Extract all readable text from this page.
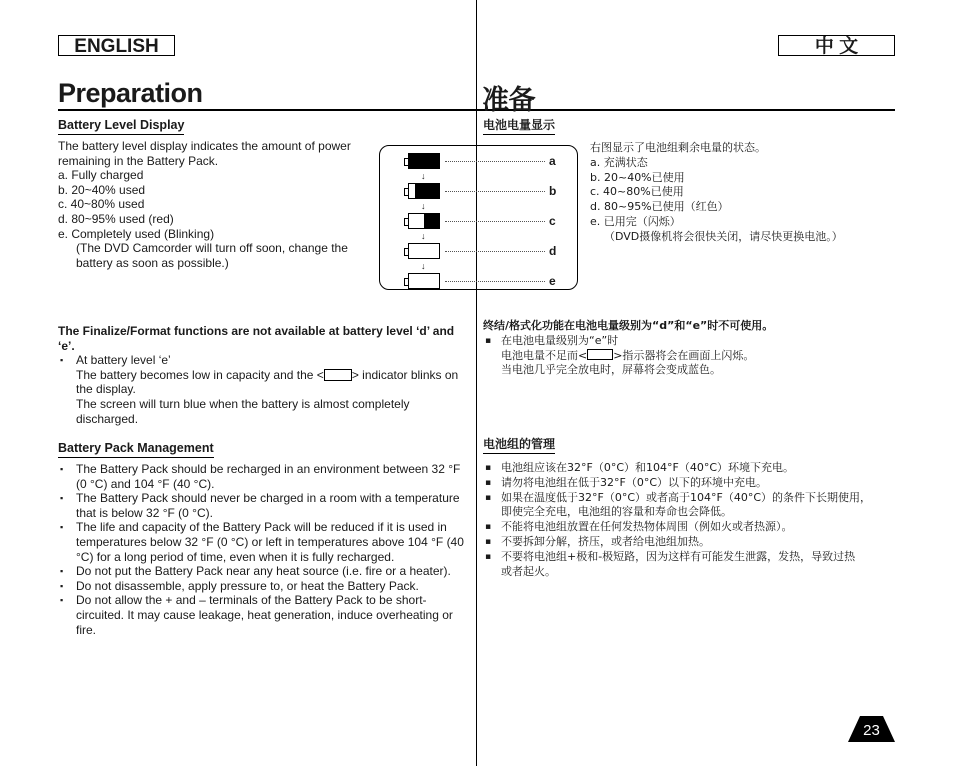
ENGLISH	中 文
Preparation	准备
Battery Level Display
The battery level display indicates the amount of power
remaining in the Battery Pack.
a. Fully charged
b. 20~40% used
c. 40~80% used
d. 80~95% used (red)
e. Completely used (Blinking)
(The DVD Camcorder will turn off soon, change the
battery as soon as possible.)
a
↓
b
↓
c
↓
d
↓
e
The Finalize/Format functions are not available at battery level ‘d’ and
‘e’.
▪ At battery level ‘e’
The battery becomes low in capacity and the < > indicator blinks on
the display.
The screen will turn blue when the battery is almost completely
discharged.
Battery Pack Management
▪ The Battery Pack should be recharged in an environment between 32 °F
(0 °C) and 104 °F (40 °C).
▪ The Battery Pack should never be charged in a room with a temperature
that is below 32 °F (0 °C).
▪ The life and capacity of the Battery Pack will be reduced if it is used in
temperatures below 32 °F (0 °C) or left in temperatures above 104 °F (40
°C) for a long period of time, even when it is fully recharged.
▪ Do not put the Battery Pack near any heat source (i.e. fire or a heater).
▪ Do not disassemble, apply pressure to, or heat the Battery Pack.
▪ Do not allow the + and – terminals of the Battery Pack to be short-
circuited. It may cause leakage, heat generation, induce overheating or
fire.
电池电量显示
右图显示了电池组剩余电量的状态。
a. 充满状态
b. 20~40%已使用
c. 40~80%已使用
d. 80~95%已使用（红色）
e. 已用完（闪烁）
（DVD摄像机将会很快关闭，请尽快更换电池。）
终结/格式化功能在电池电量级别为“d”和“e”时不可使用。
▪ 在电池电量级别为“e”时
电池电量不足而< >指示器将会在画面上闪烁。
当电池几乎完全放电时，屏幕将会变成蓝色。
电池组的管理
▪ 电池组应该在32°F（0°C）和104°F（40°C）环境下充电。
▪ 请勿将电池组在低于32°F（0°C）以下的环境中充电。
▪ 如果在温度低于32°F（0°C）或者高于104°F（40°C）的条件下长期使用，
即使完全充电，电池组的容量和寿命也会降低。
▪ 不能将电池组放置在任何发热物体周围（例如火或者热源）。
▪ 不要拆卸分解，挤压，或者给电池组加热。
▪ 不要将电池组+极和-极短路，因为这样有可能发生泄露，发热，导致过热
或者起火。
23
